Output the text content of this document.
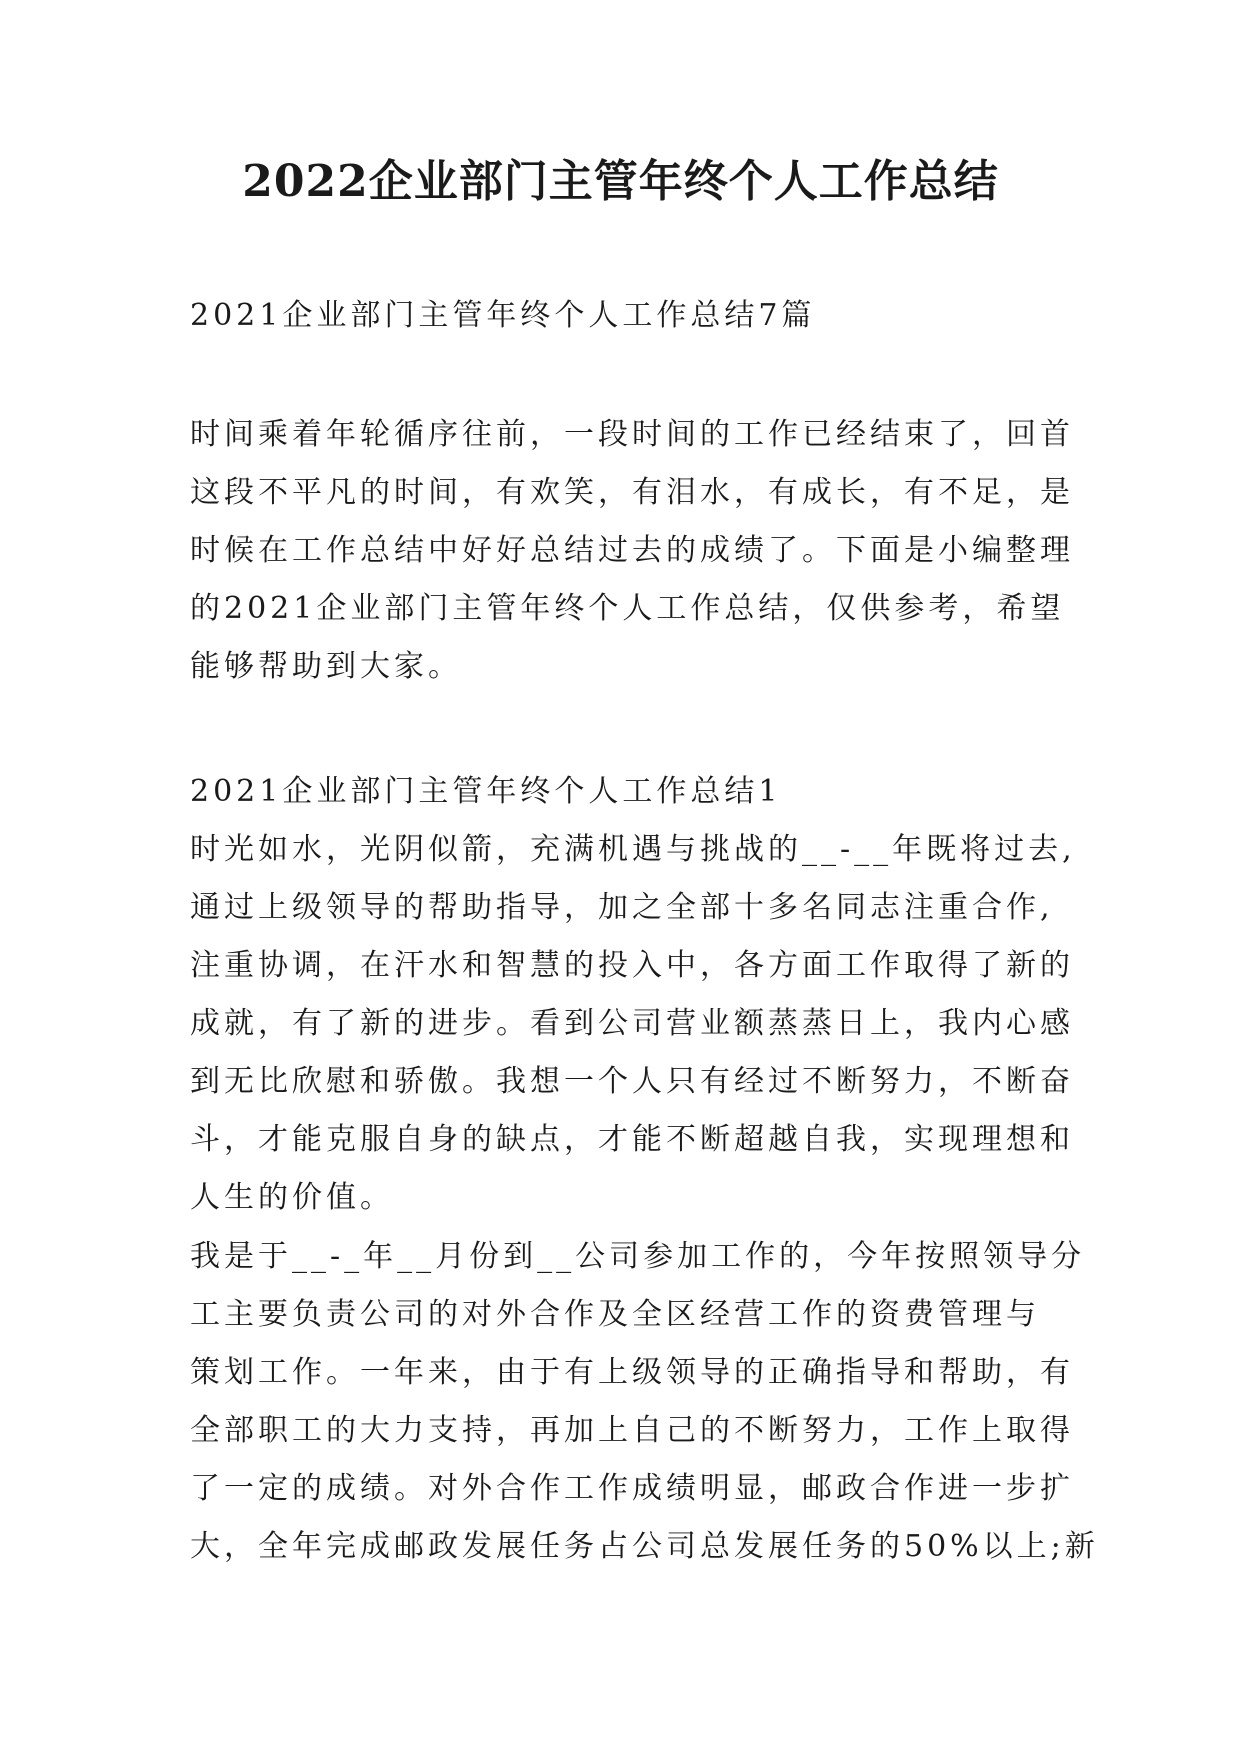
2022企业部门主管年终个人工作总结
2021企业部门主管年终个人工作总结7篇
时间乘着年轮循序往前，一段时间的工作已经结束了，回首
这段不平凡的时间，有欢笑，有泪水，有成长，有不足，是
时候在工作总结中好好总结过去的成绩了。下面是小编整理
的2021企业部门主管年终个人工作总结，仅供参考，希望
能够帮助到大家。
2021企业部门主管年终个人工作总结1
时光如水，光阴似箭，充满机遇与挑战的__-__年既将过去,
通过上级领导的帮助指导，加之全部十多名同志注重合作,
注重协调，在汗水和智慧的投入中，各方面工作取得了新的
成就，有了新的进步。看到公司营业额蒸蒸日上，我内心感
到无比欣慰和骄傲。我想一个人只有经过不断努力，不断奋
斗，才能克服自身的缺点，才能不断超越自我，实现理想和
人生的价值。
我是于__-_年__月份到__公司参加工作的，今年按照领导分
工主要负责公司的对外合作及全区经营工作的资费管理与
策划工作。一年来，由于有上级领导的正确指导和帮助，有
全部职工的大力支持，再加上自己的不断努力，工作上取得
了一定的成绩。对外合作工作成绩明显，邮政合作进一步扩
大，全年完成邮政发展任务占公司总发展任务的50%以上;新
